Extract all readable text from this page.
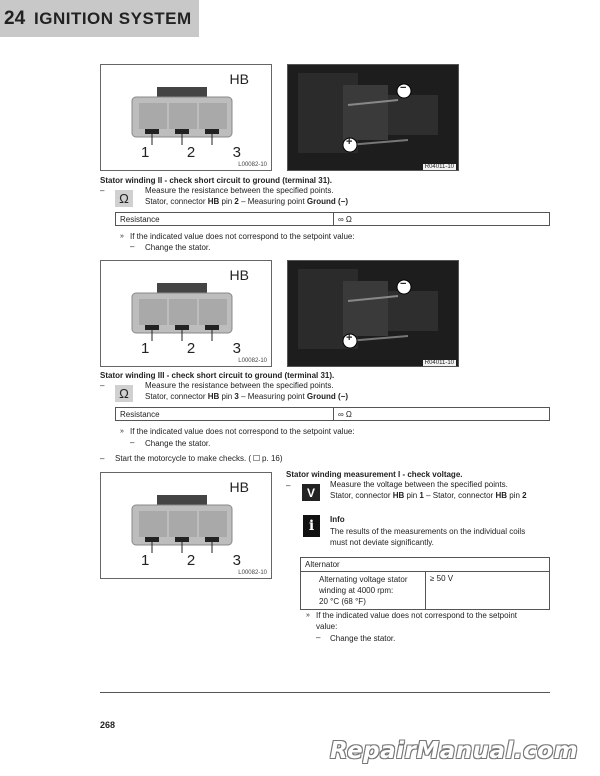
24 IGNITION SYSTEM
HB
1 2 3
L00082-10
−
+
R04011-10
Stator winding II - check short circuit to ground (terminal 31).
–
Ω
Measure the resistance between the specified points.
Stator, connector HB pin 2 – Measuring point Ground (−)
Resistance	∞ Ω
» If the indicated value does not correspond to the setpoint value:
– Change the stator.
HB
1 2 3
L00082-10
−
+
R04011-10
Stator winding III - check short circuit to ground (terminal 31).
–
Ω
Measure the resistance between the specified points.
Stator, connector HB pin 3 – Measuring point Ground (−)
Resistance	∞ Ω
» If the indicated value does not correspond to the setpoint value:
– Change the stator.
– Start the motorcycle to make checks. ( p. 16)
HB
1 2 3
L00082-10
Stator winding measurement I - check voltage.
– V
Measure the voltage between the specified points.
Stator, connector HB pin 1 – Stator, connector HB pin 2
i Info
The results of the measurements on the individual coils
must not deviate significantly.
Alternator
Alternating voltage stator
winding at 4000 rpm:
20 °C (68 °F)
≥ 50 V
» If the indicated value does not correspond to the setpoint
value:
– Change the stator.
268
RepairManual.com
